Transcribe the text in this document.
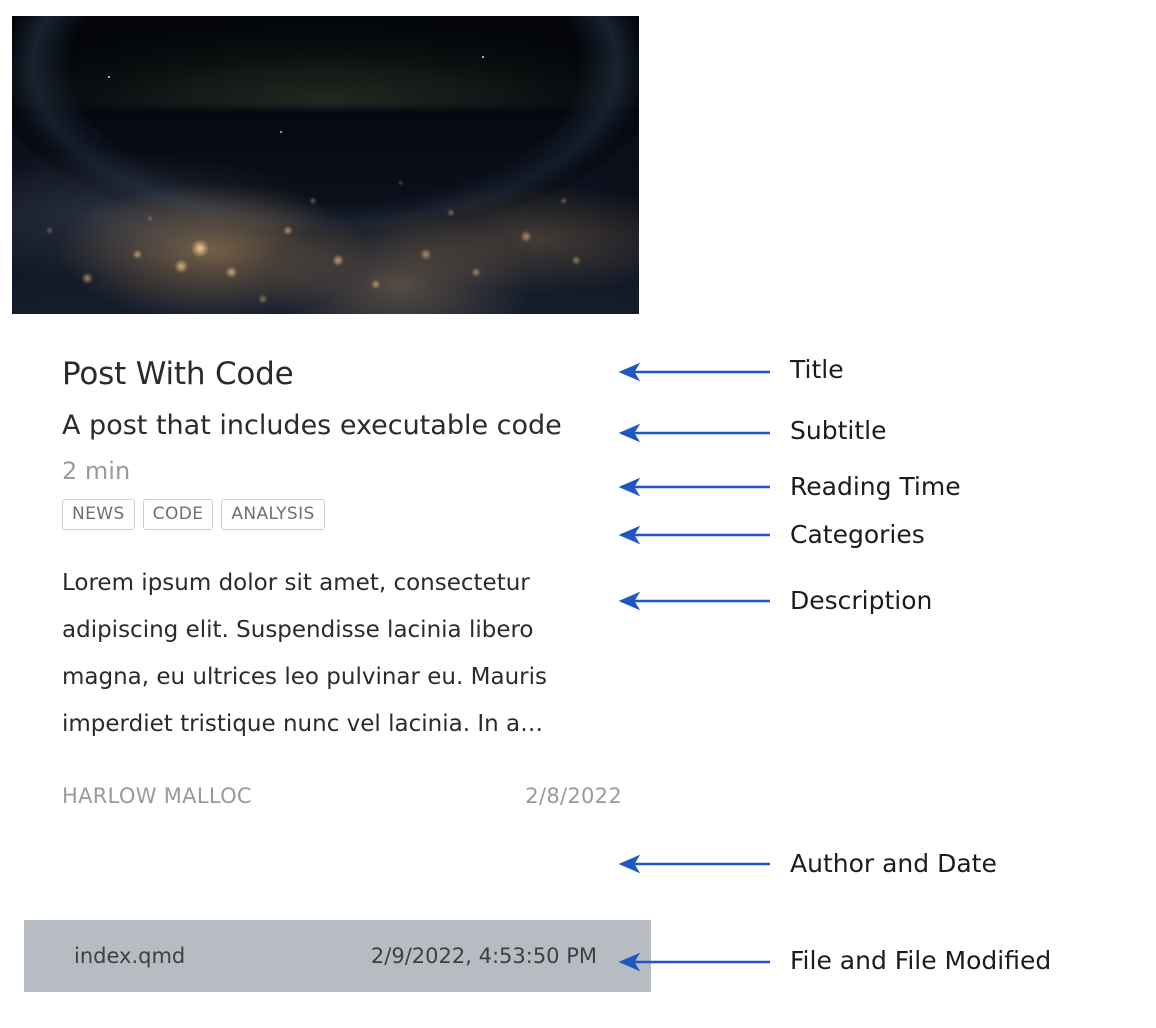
Post With Code
A post that includes executable code
2 min
NEWS	CODE	ANALYSIS
Lorem ipsum dolor sit amet, consectetur adipiscing elit. Suspendisse lacinia libero magna, eu ultrices leo pulvinar eu. Mauris imperdiet tristique nunc vel lacinia. In a…
HARLOW MALLOC	2/8/2022
index.qmd	2/9/2022, 4:53:50 PM
Title
Subtitle
Reading Time
Categories
Description
Author and Date
File and File Modified
